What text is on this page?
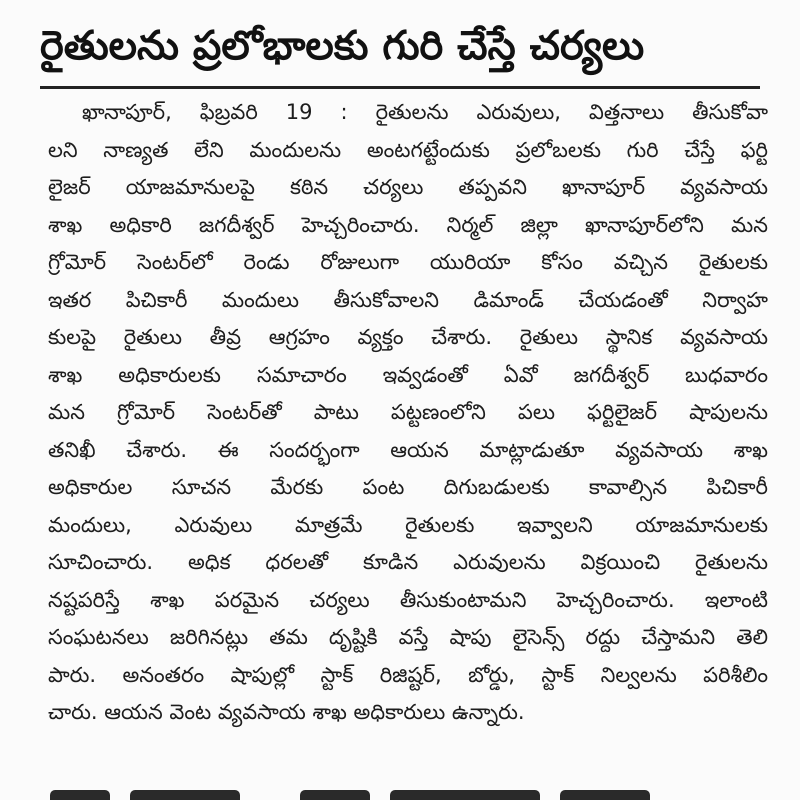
రైతులను ప్రలోభాలకు గురి చేస్తే చర్యలు
ఖానాపూర్, ఫిబ్రవరి 19 : రైతులను ఎరువులు, విత్తనాలు తీసుకోవా
లని నాణ్యత లేని మందులను అంటగట్టేందుకు ప్రలోబలకు గురి చేస్తే ఫర్టి
లైజర్ యాజమానులపై కఠిన చర్యలు తప్పవని ఖానాపూర్ వ్యవసాయ
శాఖ అధికారి జగదీశ్వర్ హెచ్చరించారు. నిర్మల్ జిల్లా ఖానాపూర్‌లోని మన
గ్రోమోర్ సెంటర్‌లో రెండు రోజులుగా యురియా కోసం వచ్చిన రైతులకు
ఇతర పిచికారీ మందులు తీసుకోవాలని డిమాండ్ చేయడంతో నిర్వాహ
కులపై రైతులు తీవ్ర ఆగ్రహం వ్యక్తం చేశారు. రైతులు స్థానిక వ్యవసాయ
శాఖ అధికారులకు సమాచారం ఇవ్వడంతో ఏవో జగదీశ్వర్ బుధవారం
మన గ్రోమోర్ సెంటర్‌తో పాటు పట్టణంలోని పలు ఫర్టిలైజర్ షాపులను
తనిఖీ చేశారు. ఈ సందర్భంగా ఆయన మాట్లాడుతూ వ్యవసాయ శాఖ
అధికారుల సూచన మేరకు పంట దిగుబడులకు కావాల్సిన పిచికారీ
మందులు, ఎరువులు మాత్రమే రైతులకు ఇవ్వాలని యాజమానులకు
సూచించారు. అధిక ధరలతో కూడిన ఎరువులను విక్రయించి రైతులను
నష్టపరిస్తే శాఖ పరమైన చర్యలు తీసుకుంటామని హెచ్చరించారు. ఇలాంటి
సంఘటనలు జరిగినట్లు తమ దృష్టికి వస్తే షాపు లైసెన్స్ రద్దు చేస్తామని తెలి
పారు. అనంతరం షాపుల్లో స్టాక్ రిజిష్టర్, బోర్డు, స్టాక్ నిల్వలను పరిశీలిం
చారు. ఆయన వెంట వ్యవసాయ శాఖ అధికారులు ఉన్నారు.
